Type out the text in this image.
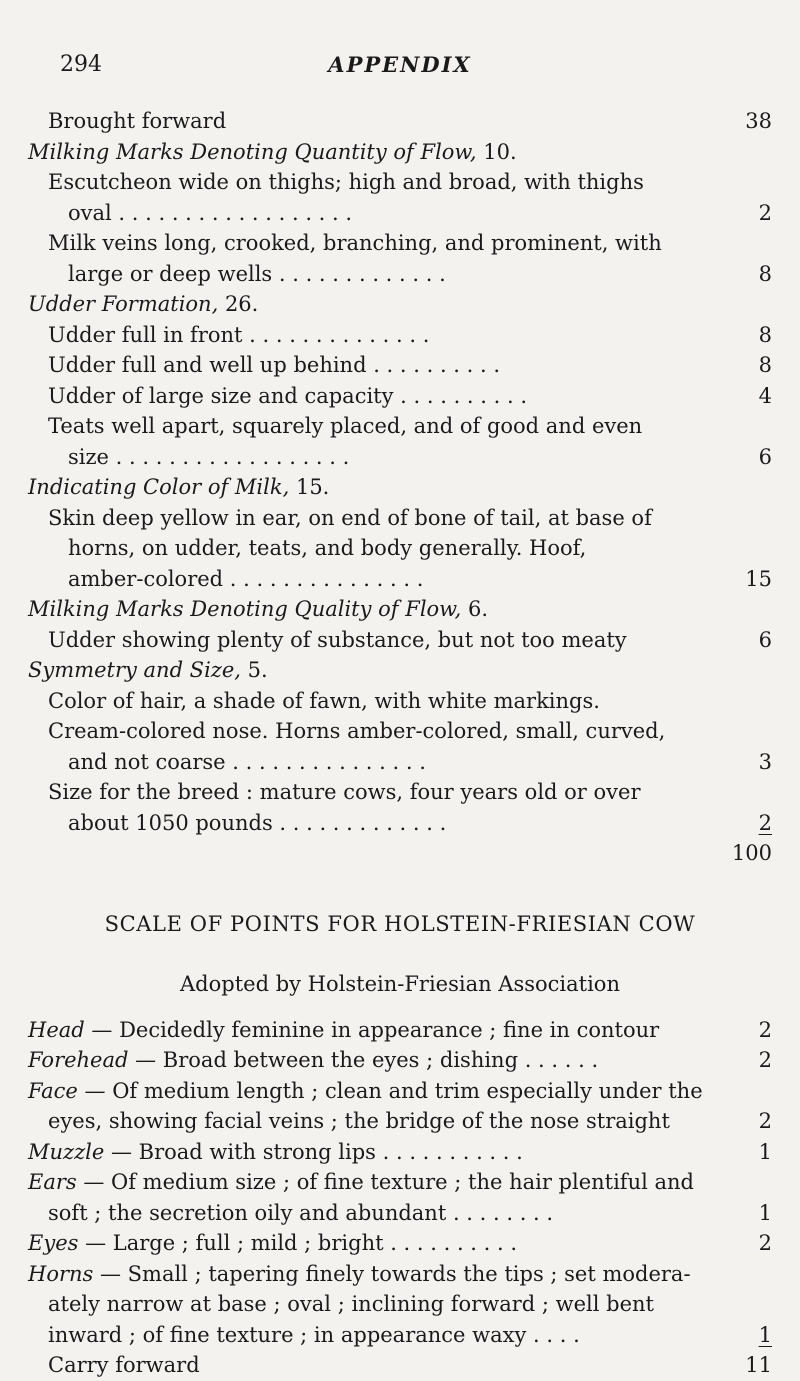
APPENDIX
294
Brought forward	38
Milking Marks Denoting Quantity of Flow, 10.
Escutcheon wide on thighs; high and broad, with thighs
oval . . . . . . . . . . . . . . . . . .	2
Milk veins long, crooked, branching, and prominent, with
large or deep wells . . . . . . . . . . . . .	8
Udder Formation, 26.
Udder full in front . . . . . . . . . . . . . .	8
Udder full and well up behind . . . . . . . . . .	8
Udder of large size and capacity . . . . . . . . . .	4
Teats well apart, squarely placed, and of good and even
size . . . . . . . . . . . . . . . . . .	6
Indicating Color of Milk, 15.
Skin deep yellow in ear, on end of bone of tail, at base of
horns, on udder, teats, and body generally. Hoof,
amber-colored . . . . . . . . . . . . . . .	15
Milking Marks Denoting Quality of Flow, 6.
Udder showing plenty of substance, but not too meaty	6
Symmetry and Size, 5.
Color of hair, a shade of fawn, with white markings.
Cream-colored nose. Horns amber-colored, small, curved,
and not coarse . . . . . . . . . . . . . . .	3
Size for the breed : mature cows, four years old or over
about 1050 pounds . . . . . . . . . . . . .	2
100
SCALE OF POINTS FOR HOLSTEIN-FRIESIAN COW
Adopted by Holstein-Friesian Association
Head — Decidedly feminine in appearance ; fine in contour	2
Forehead — Broad between the eyes ; dishing . . . . . .	2
Face — Of medium length ; clean and trim especially under the
eyes, showing facial veins ; the bridge of the nose straight	2
Muzzle — Broad with strong lips . . . . . . . . . . .	1
Ears — Of medium size ; of fine texture ; the hair plentiful and
soft ; the secretion oily and abundant . . . . . . . .	1
Eyes — Large ; full ; mild ; bright . . . . . . . . . .	2
Horns — Small ; tapering finely towards the tips ; set modera-
ately narrow at base ; oval ; inclining forward ; well bent
inward ; of fine texture ; in appearance waxy . . . .	1
Carry forward	11
